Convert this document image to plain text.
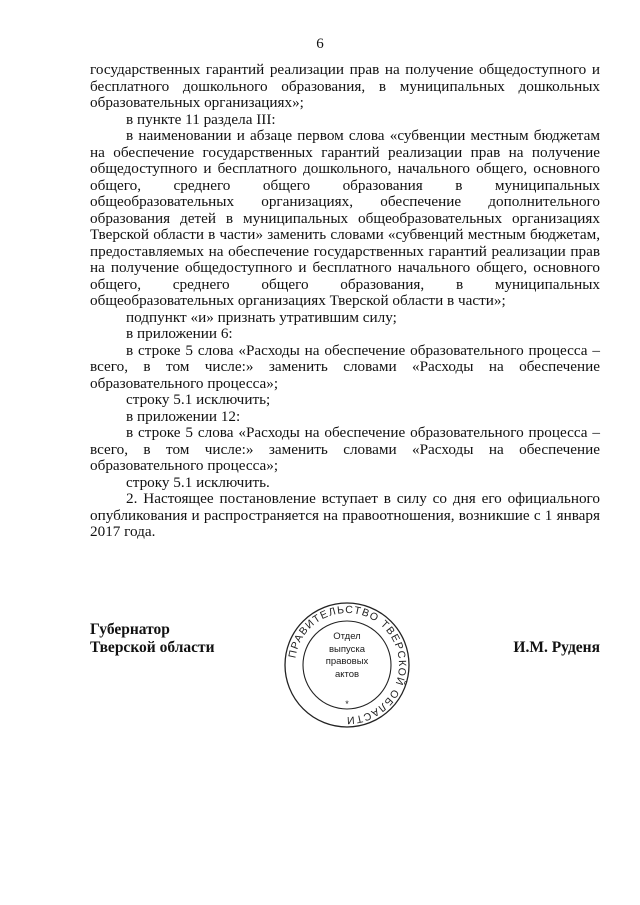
6

государственных гарантий реализации прав на получение общедоступного и бесплатного дошкольного образования, в муниципальных дошкольных образовательных организациях»;

в пункте 11 раздела III:

в наименовании и абзаце первом слова «субвенции местным бюджетам на обеспечение государственных гарантий реализации прав на получение общедоступного и бесплатного дошкольного, начального общего, основного общего, среднего общего образования в муниципальных общеобразовательных организациях, обеспечение дополнительного образования детей в муниципальных общеобразовательных организациях Тверской области в части» заменить словами «субвенций местным бюджетам, предоставляемых на обеспечение государственных гарантий реализации прав на получение общедоступного и бесплатного начального общего, основного общего, среднего общего образования, в муниципальных общеобразовательных организациях Тверской области в части»;

подпункт «и» признать утратившим силу;

в приложении 6:

в строке 5 слова «Расходы на обеспечение образовательного процесса – всего, в том числе:» заменить словами «Расходы на обеспечение образовательного процесса»;

строку 5.1 исключить;

в приложении 12:

в строке 5 слова «Расходы на обеспечение образовательного процесса – всего, в том числе:» заменить словами «Расходы на обеспечение образовательного процесса»;

строку 5.1 исключить.

2. Настоящее постановление вступает в силу со дня его официального опубликования и распространяется на правоотношения, возникшие с 1 января 2017 года.

Губернатор
Тверской области	ПРАВИТЕЛЬСТВО ТВЕРСКОЙ ОБЛАСТИ
*
Отдел
выпуска
правовых
актов
И.М. Руденя
